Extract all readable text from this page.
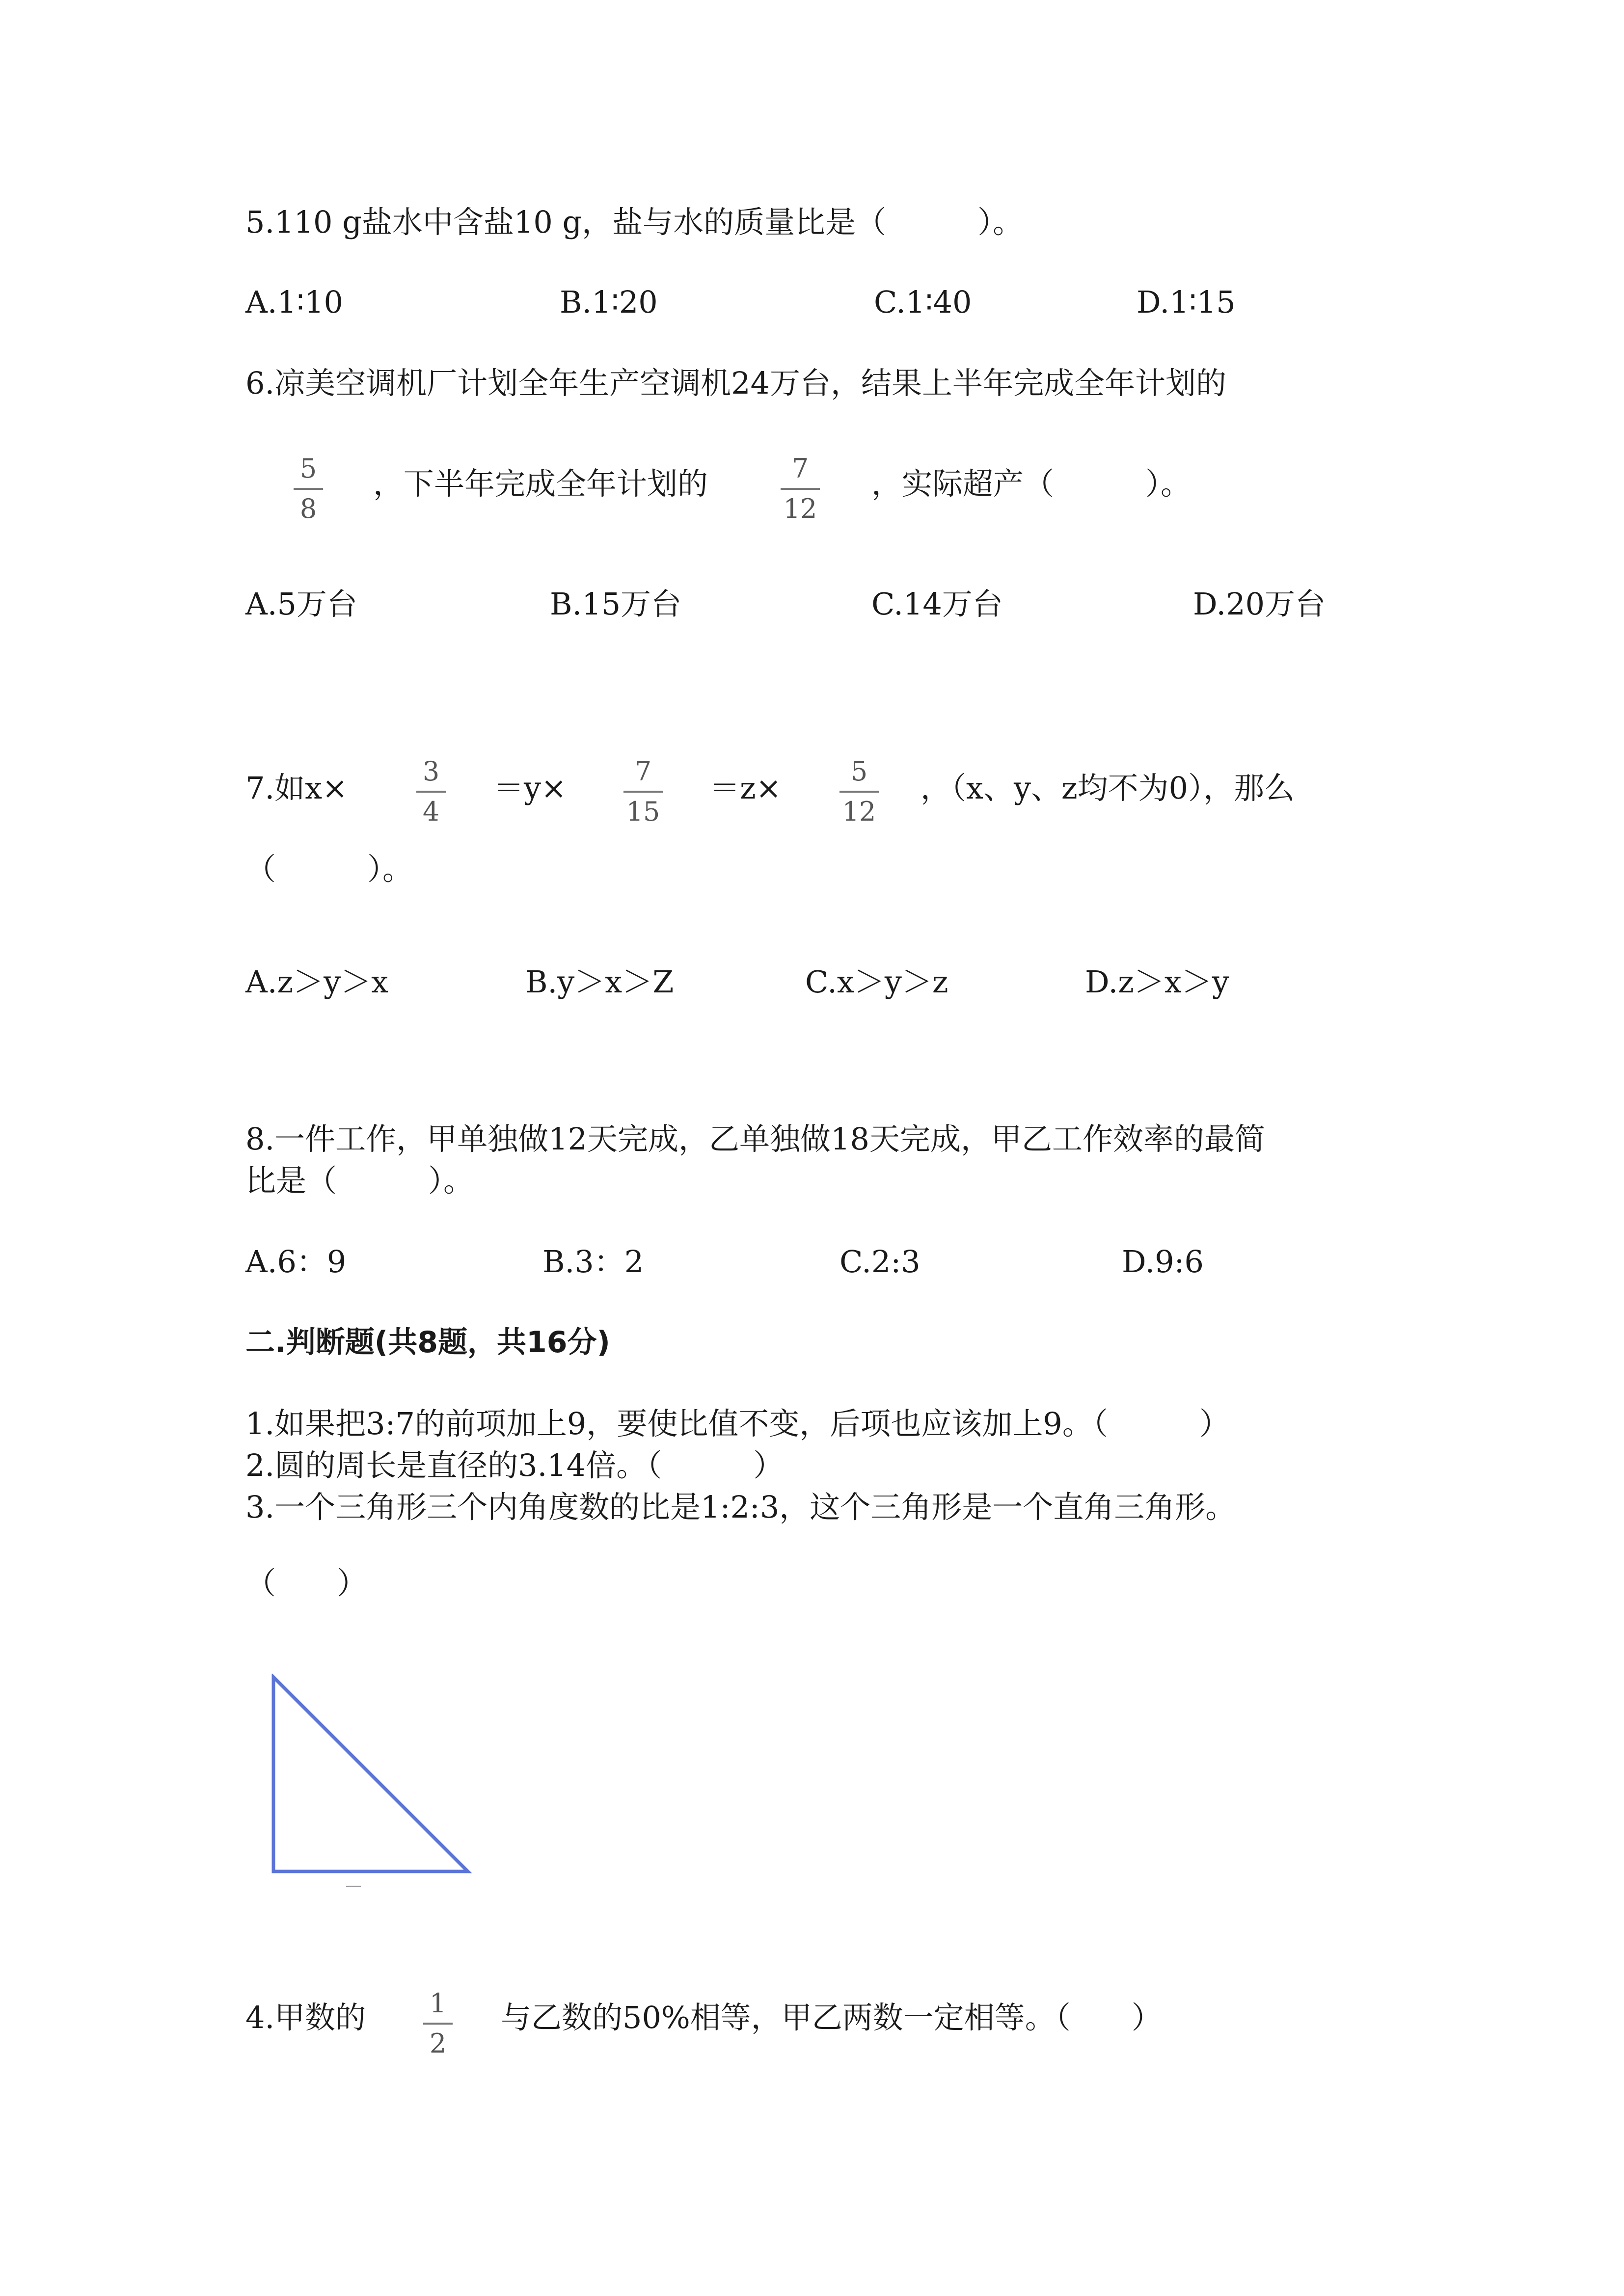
5.110 g盐水中含盐10 g，盐与水的质量比是（　　　）。
A.1∶10	B.1∶20	C.1∶40	D.1∶15
6.凉美空调机厂计划全年生产空调机24万台，结果上半年完成全年计划的
5
8
，下半年完成全年计划的	7
12
，实际超产（　　　）。
A.5万台	B.15万台	C.14万台	D.20万台
7.如x×	3
4
＝y×	7
15
＝z×	5
12
，（x、y、z均不为0），那么
（　　　）。
A.z＞y＞x	B.y＞x＞Z	C.x＞y＞z	D.z＞x＞y
8.一件工作，甲单独做12天完成，乙单独做18天完成，甲乙工作效率的最简
比是（　　　）。
A.6：9	B.3：2	C.2:3	D.9:6
二.判断题(共8题，共16分)
1.如果把3:7的前项加上9，要使比值不变，后项也应该加上9。（　　　）
2.圆的周长是直径的3.14倍。（　　　）
3.一个三角形三个内角度数的比是1:2:3，这个三角形是一个直角三角形。
（　　）
4.甲数的 1
2
与乙数的50%相等，甲乙两数一定相等。（　　）
